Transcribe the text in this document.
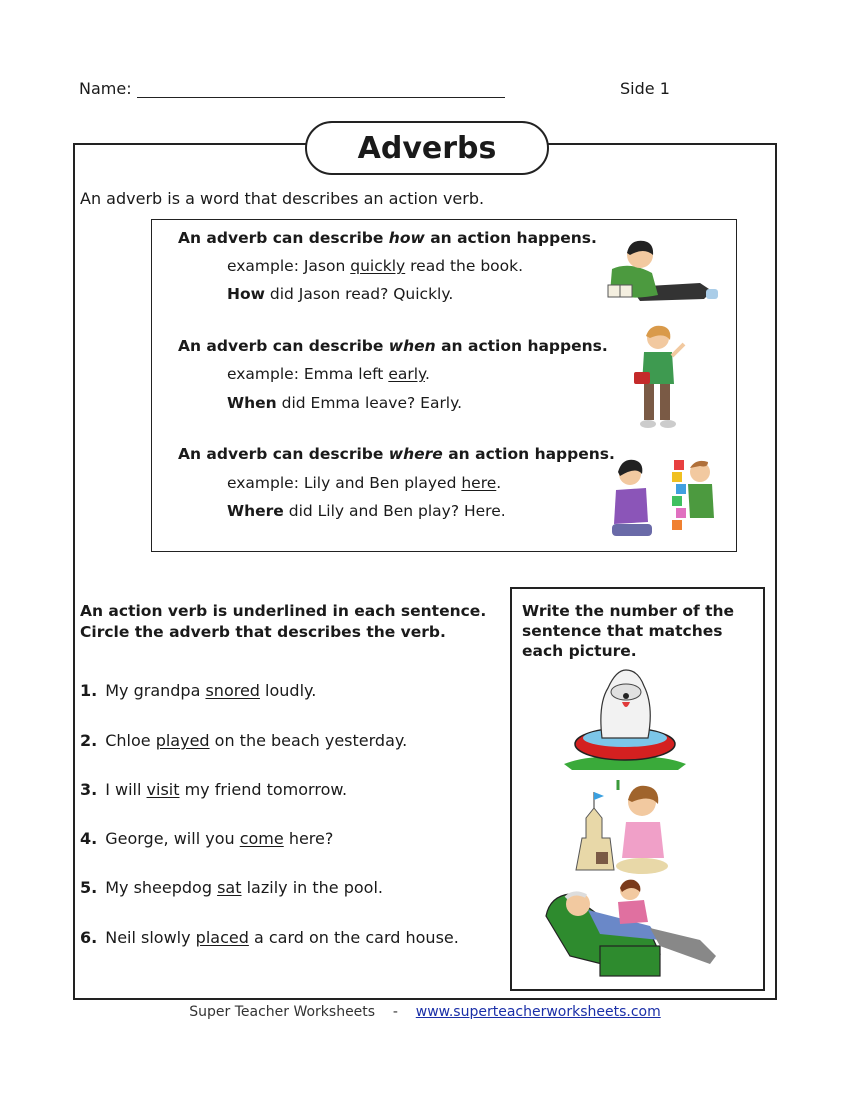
Name:	Side 1
Adverbs
An adverb is a word that describes an action verb.
An adverb can describe how an action happens.
example: Jason quickly read the book.
How did Jason read? Quickly.
An adverb can describe when an action happens.
example: Emma left early.
When did Emma leave? Early.
An adverb can describe where an action happens.
example: Lily and Ben played here.
Where did Lily and Ben play? Here.
An action verb is underlined in each sentence.
Circle the adverb that describes the verb.
1. My grandpa snored loudly.
2. Chloe played on the beach yesterday.
3. I will visit my friend tomorrow.
4. George, will you come here?
5. My sheepdog sat lazily in the pool.
6. Neil slowly placed a card on the card house.
Write the number of the
sentence that matches
each picture.
Super Teacher Worksheets - www.superteacherworksheets.com
